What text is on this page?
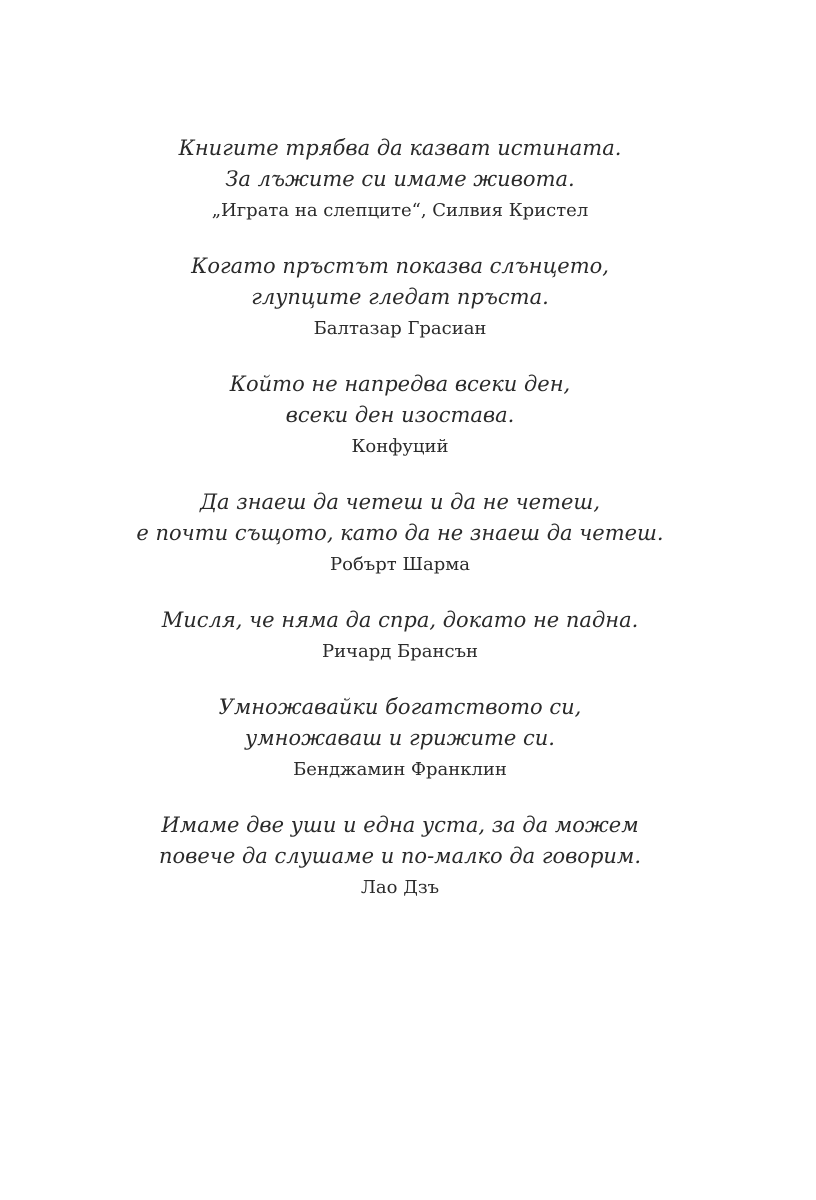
Книгите трябва да казват истината.
За лъжите си имаме живота.
„Играта на слепците“, Силвия Кристел
Когато пръстът показва слънцето,
глупците гледат пръста.
Балтазар Грасиан
Който не напредва всеки ден,
всеки ден изостава.
Конфуций
Да знаеш да четеш и да не четеш,
е почти същото, като да не знаеш да четеш.
Робърт Шарма
Мисля, че няма да спра, докато не падна.
Ричард Брансън
Умножавайки богатството си,
умножаваш и грижите си.
Бенджамин Франклин
Имаме две уши и една уста, за да можем
повече да слушаме и по-малко да говорим.
Лао Дзъ
